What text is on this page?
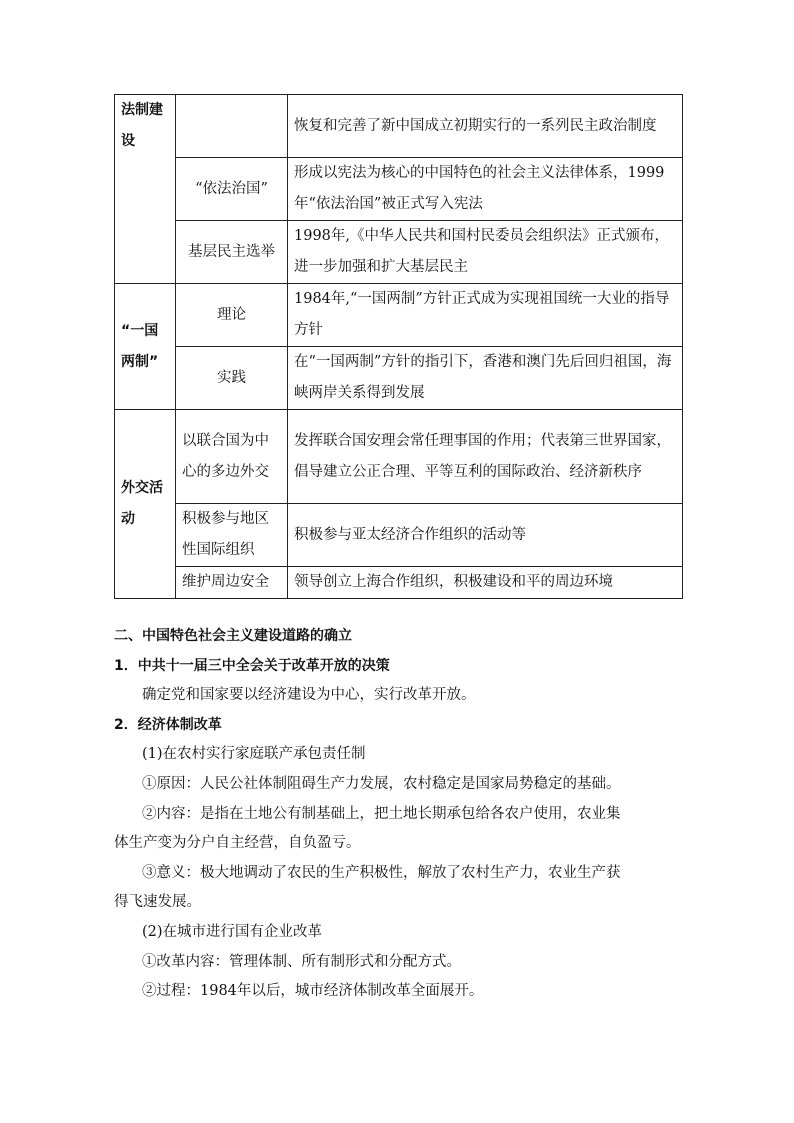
法制建设		恢复和完善了新中国成立初期实行的一系列民主政治制度
	“依法治国”	形成以宪法为核心的中国特色的社会主义法律体系，1999年“依法治国”被正式写入宪法
	基层民主选举	1998年,《中华人民共和国村民委员会组织法》正式颁布，进一步加强和扩大基层民主
“一国两制”	理论	1984年,“一国两制”方针正式成为实现祖国统一大业的指导方针
	实践	在“一国两制”方针的指引下，香港和澳门先后回归祖国，海峡两岸关系得到发展
外交活动	以联合国为中心的多边外交	发挥联合国安理会常任理事国的作用；代表第三世界国家，倡导建立公正合理、平等互利的国际政治、经济新秩序
	积极参与地区性国际组织	积极参与亚太经济合作组织的活动等
	维护周边安全	领导创立上海合作组织，积极建设和平的周边环境
二、中国特色社会主义建设道路的确立
1．中共十一届三中全会关于改革开放的决策
确定党和国家要以经济建设为中心，实行改革开放。
2．经济体制改革
(1)在农村实行家庭联产承包责任制
①原因：人民公社体制阻碍生产力发展，农村稳定是国家局势稳定的基础。
②内容：是指在土地公有制基础上，把土地长期承包给各农户使用，农业集
体生产变为分户自主经营，自负盈亏。
③意义：极大地调动了农民的生产积极性，解放了农村生产力，农业生产获
得飞速发展。
(2)在城市进行国有企业改革
①改革内容：管理体制、所有制形式和分配方式。
②过程：1984年以后，城市经济体制改革全面展开。
